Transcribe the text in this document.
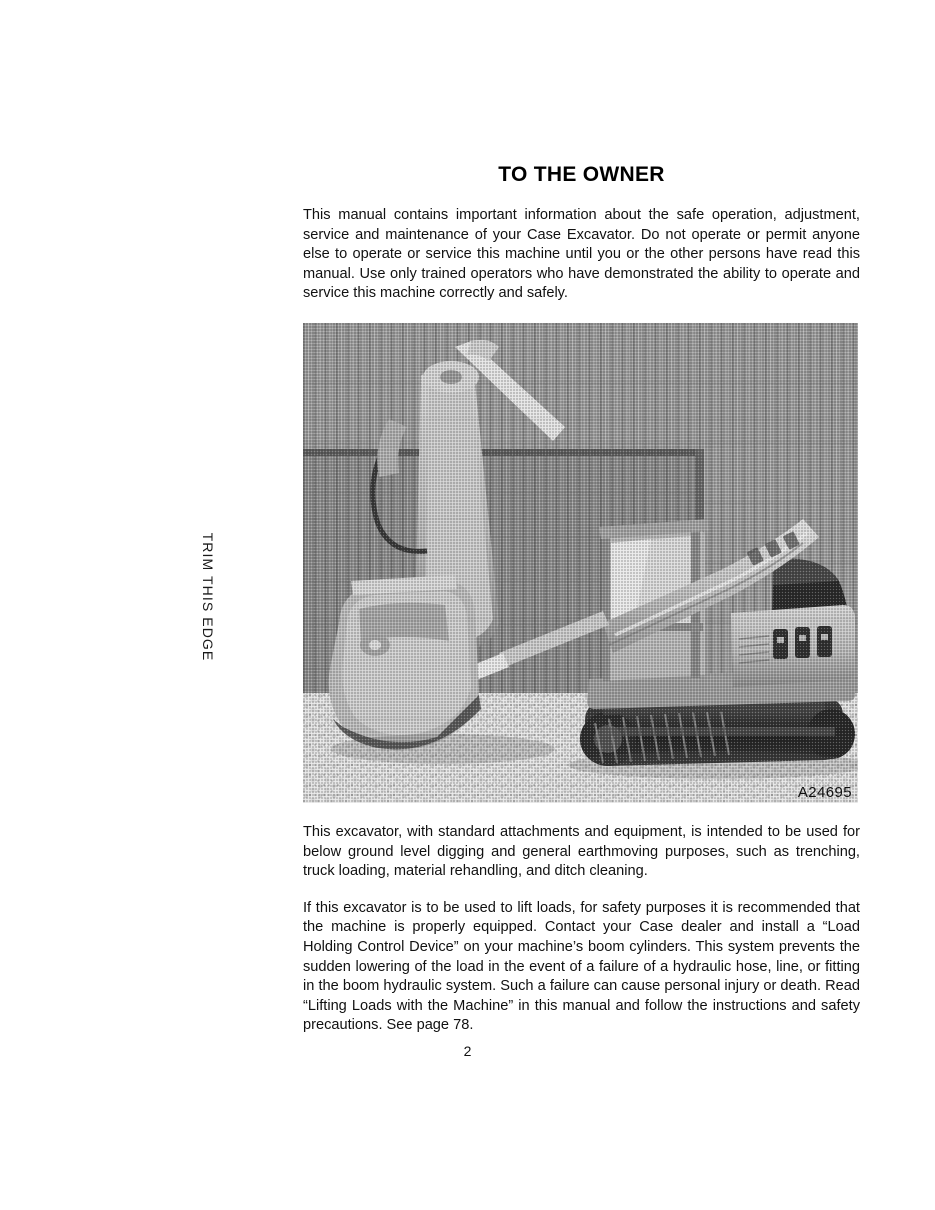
TRIM THIS EDGE
TO THE OWNER

This manual contains important information about the safe operation, adjustment, service and maintenance of your Case Excavator. Do not operate or permit anyone else to operate or service this machine until you or the other persons have read this manual. Use only trained operators who have demonstrated the ability to operate and service this machine correctly and safely.

A24695

This excavator, with standard attachments and equipment, is intended to be used for below ground level digging and general earthmoving purposes, such as trenching, truck loading, material rehandling, and ditch cleaning.

If this excavator is to be used to lift loads, for safety purposes it is recommended that the machine is properly equipped. Contact your Case dealer and install a “Load Holding Control Device” on your machine’s boom cylinders. This system prevents the sudden lowering of the load in the event of a failure of a hydraulic hose, line, or fitting in the boom hydraulic system. Such a failure can cause personal injury or death. Read “Lifting Loads with the Machine” in this manual and follow the instructions and safety precautions. See page 78.

2
